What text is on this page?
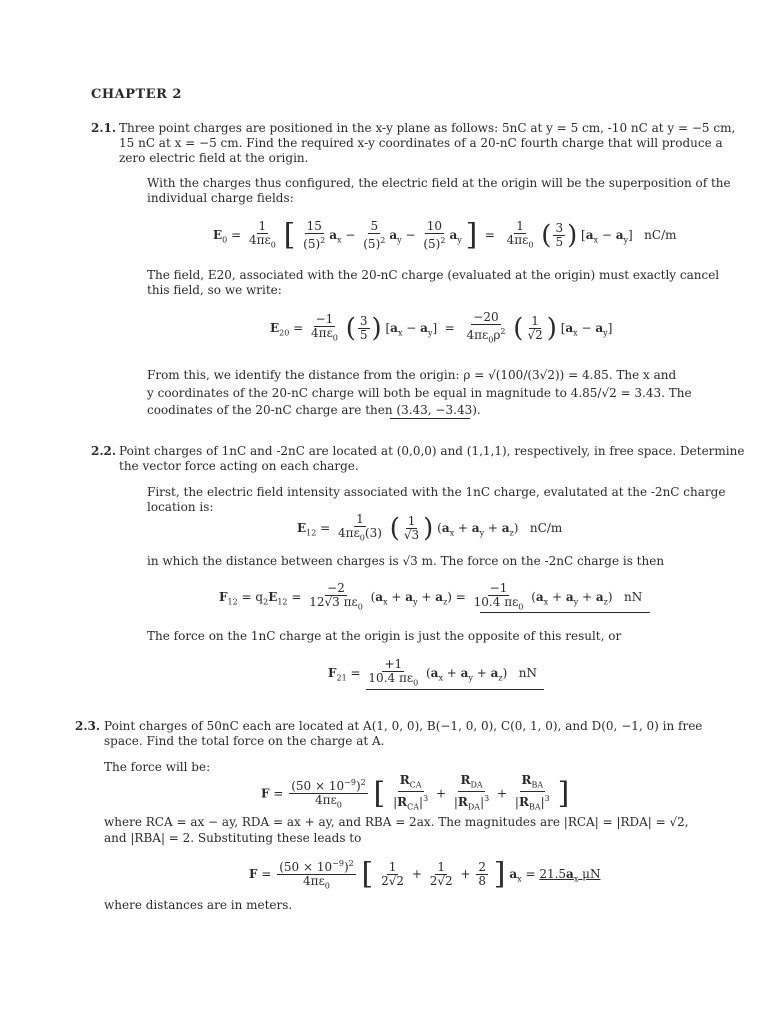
CHAPTER 2
2.1. Three point charges are positioned in the x-y plane as follows: 5nC at y = 5 cm, -10 nC at y = −5 cm,
15 nC at x = −5 cm. Find the required x-y coordinates of a 20-nC fourth charge that will produce a
zero electric field at the origin.
With the charges thus configured, the electric field at the origin will be the superposition of the
individual charge fields:
$E_0 = \frac{1}{4\pi\varepsilon_0}$ [ $\frac{15}{(5)^2} a_x - \frac{5}{(5)^2} a_y - \frac{10}{(5)^2} a_y$ ]  = $\frac{1}{4\pi\varepsilon_0}$ ( $\frac{3}{5}$ ) $[a_x - a_y]$   nC/m
The field, E20, associated with the 20-nC charge (evaluated at the origin) must exactly cancel
this field, so we write:
$E_{20} = \frac{-1}{4\pi\varepsilon_0}$ ( $\frac{3}{5}$ ) $[a_x - a_y] = \frac{-20}{4\pi\varepsilon_0\rho^2}$ ( $\frac{1}{√2}$ ) $[a_x - a_y]$
From this, we identify the distance from the origin: ρ = √(100/(3√2)) = 4.85. The x and
y coordinates of the 20-nC charge will both be equal in magnitude to 4.85/√2 = 3.43. The
coodinates of the 20-nC charge are then (3.43, −3.43).
2.2. Point charges of 1nC and -2nC are located at (0,0,0) and (1,1,1), respectively, in free space. Determine
the vector force acting on each charge.
First, the electric field intensity associated with the 1nC charge, evalutated at the -2nC charge
location is:
$E_{12} = \frac{1}{4\pi\varepsilon_0(3)}$ ( $\frac{1}{√3}$ ) $(a_x + a_y + a_z)$   nC/m
in which the distance between charges is √3 m. The force on the -2nC charge is then
$F_{12} = q_2E_{12} = \frac{-2}{12√3 \pi\varepsilon_0} (a_x + a_y + a_z) = \frac{-1}{10.4 \pi\varepsilon_0} (a_x + a_y + a_z)$   nN
The force on the 1nC charge at the origin is just the opposite of this result, or
$F_{21} = \frac{+1}{10.4 \pi\varepsilon_0} (a_x + a_y + a_z)$   nN
2.3. Point charges of 50nC each are located at A(1, 0, 0), B(−1, 0, 0), C(0, 1, 0), and D(0, −1, 0) in free
space. Find the total force on the charge at A.
The force will be:
$F = \frac{(50 \times 10^{-9})^2}{4\pi\varepsilon_0}$ [ $\frac{R_{CA}}{|R_{CA}|^3} + \frac{R_{DA}}{|R_{DA}|^3} + \frac{R_{BA}}{|R_{BA}|^3}$ ]
where RCA = ax − ay, RDA = ax + ay, and RBA = 2ax. The magnitudes are |RCA| = |RDA| = √2,
and |RBA| = 2. Substituting these leads to
$F = \frac{(50 \times 10^{-9})^2}{4\pi\varepsilon_0}$ [ $\frac{1}{2√2} + \frac{1}{2√2} + \frac{2}{8}$ ] $a_x = 21.5a_x$ μN
where distances are in meters.
